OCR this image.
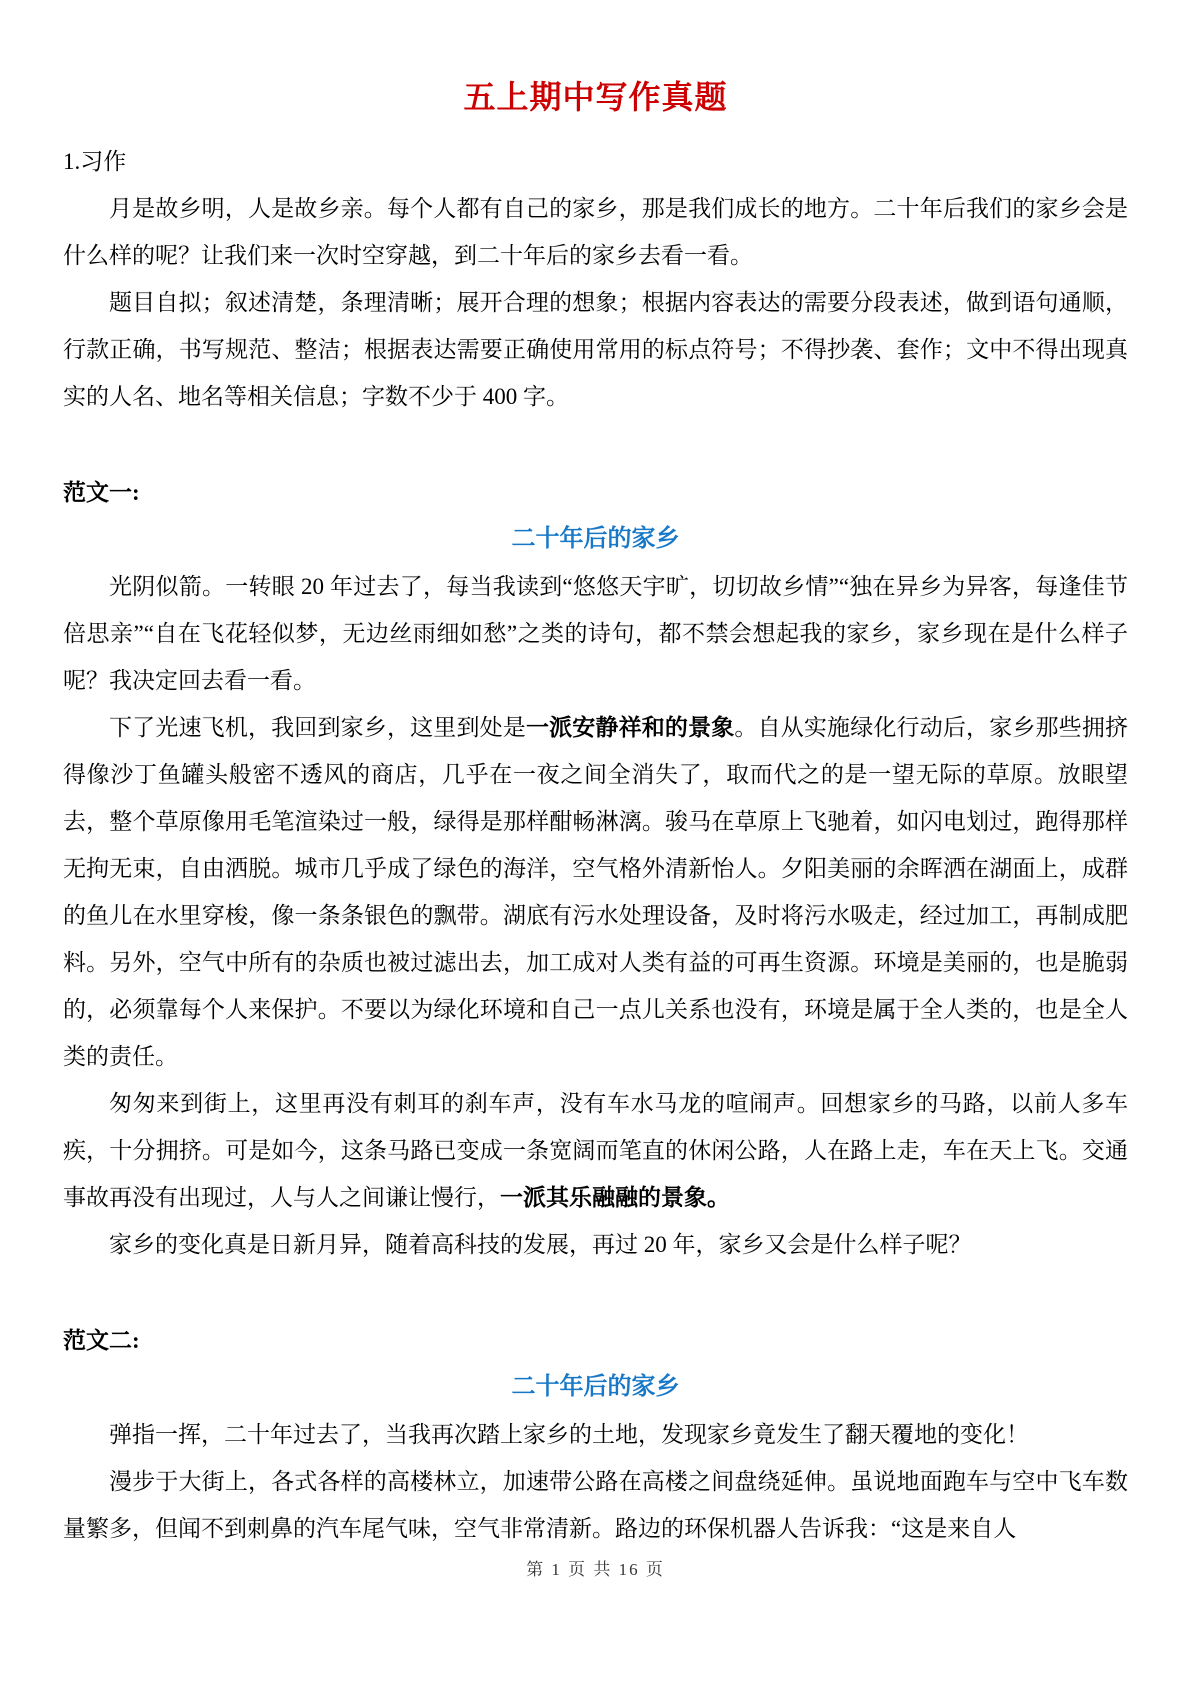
五上期中写作真题
1.习作

月是故乡明，人是故乡亲。每个人都有自己的家乡，那是我们成长的地方。二十年后我们的家乡会是什么样的呢？让我们来一次时空穿越，到二十年后的家乡去看一看。

题目自拟；叙述清楚，条理清晰；展开合理的想象；根据内容表达的需要分段表述，做到语句通顺，行款正确，书写规范、整洁；根据表达需要正确使用常用的标点符号；不得抄袭、套作；文中不得出现真实的人名、地名等相关信息；字数不少于 400 字。

范文一:

二十年后的家乡

光阴似箭。一转眼 20 年过去了，每当我读到“悠悠天宇旷，切切故乡情”“独在异乡为异客，每逢佳节倍思亲”“自在飞花轻似梦，无边丝雨细如愁”之类的诗句，都不禁会想起我的家乡，家乡现在是什么样子呢？我决定回去看一看。

下了光速飞机，我回到家乡，这里到处是一派安静祥和的景象。自从实施绿化行动后，家乡那些拥挤得像沙丁鱼罐头般密不透风的商店，几乎在一夜之间全消失了，取而代之的是一望无际的草原。放眼望去，整个草原像用毛笔渲染过一般，绿得是那样酣畅淋漓。骏马在草原上飞驰着，如闪电划过，跑得那样无拘无束，自由洒脱。城市几乎成了绿色的海洋，空气格外清新怡人。夕阳美丽的余晖洒在湖面上，成群的鱼儿在水里穿梭，像一条条银色的飘带。湖底有污水处理设备，及时将污水吸走，经过加工，再制成肥料。另外，空气中所有的杂质也被过滤出去，加工成对人类有益的可再生资源。环境是美丽的，也是脆弱的，必须靠每个人来保护。不要以为绿化环境和自己一点儿关系也没有，环境是属于全人类的，也是全人类的责任。

匆匆来到街上，这里再没有刺耳的刹车声，没有车水马龙的喧闹声。回想家乡的马路，以前人多车疾，十分拥挤。可是如今，这条马路已变成一条宽阔而笔直的休闲公路，人在路上走，车在天上飞。交通事故再没有出现过，人与人之间谦让慢行，一派其乐融融的景象。

家乡的变化真是日新月异，随着高科技的发展，再过 20 年，家乡又会是什么样子呢？

范文二:

二十年后的家乡

弹指一挥，二十年过去了，当我再次踏上家乡的土地，发现家乡竟发生了翻天覆地的变化！

漫步于大街上，各式各样的高楼林立，加速带公路在高楼之间盘绕延伸。虽说地面跑车与空中飞车数量繁多，但闻不到刺鼻的汽车尾气味，空气非常清新。路边的环保机器人告诉我：“这是来自人

第 1 页 共 16 页
